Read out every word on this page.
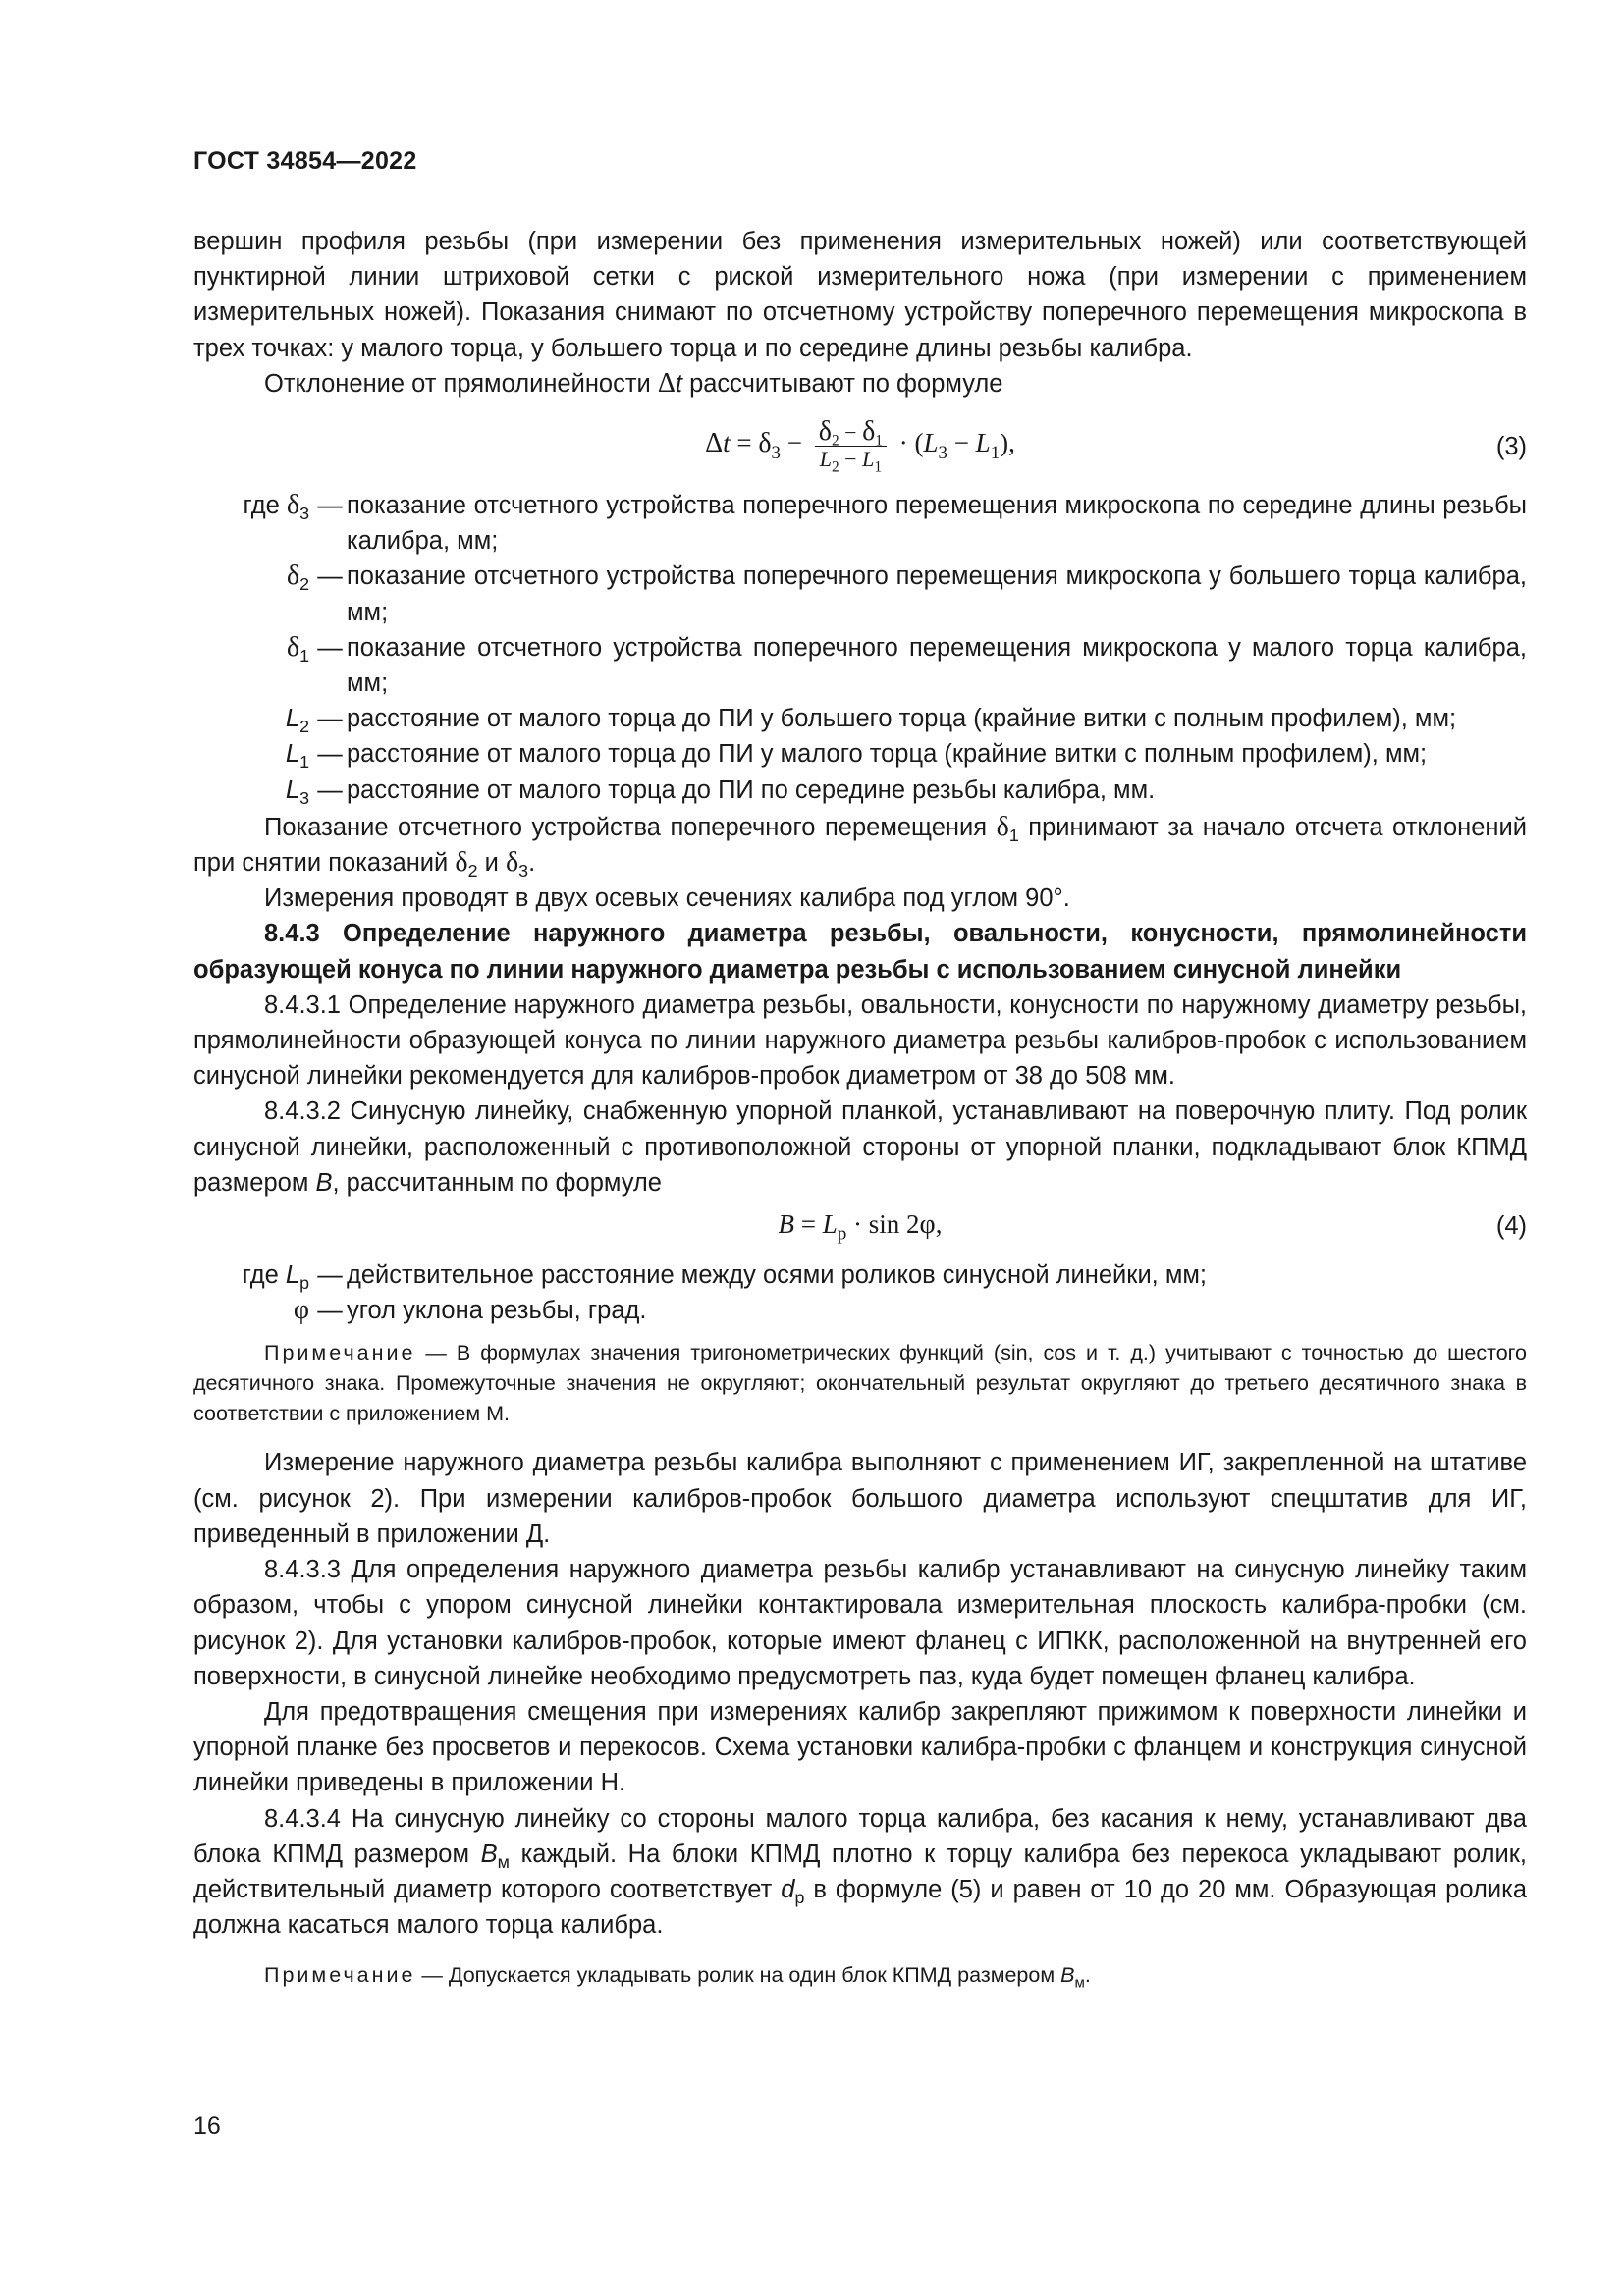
ГОСТ 34854—2022

вершин профиля резьбы (при измерении без применения измерительных ножей) или соответствующей пунктирной линии штриховой сетки с риской измерительного ножа (при измерении с применением измерительных ножей). Показания снимают по отсчетному устройству поперечного перемещения микроскопа в трех точках: у малого торца, у большего торца и по середине длины резьбы калибра.

Отклонение от прямолинейности Δt рассчитывают по формуле

$\Delta t = \delta_3 - \frac{\delta_2 - \delta_1}{L_2 - L_1} \cdot (L_3 - L_1)$,	(3)
где $\delta_3$	—	показание отсчетного устройства поперечного перемещения микроскопа по середине длины резьбы калибра, мм;
$\delta_2$	—	показание отсчетного устройства поперечного перемещения микроскопа у большего торца калибра, мм;
$\delta_1$	—	показание отсчетного устройства поперечного перемещения микроскопа у малого торца калибра, мм;
$L_2$	—	расстояние от малого торца до ПИ у большего торца (крайние витки с полным профилем), мм;
$L_1$	—	расстояние от малого торца до ПИ у малого торца (крайние витки с полным профилем), мм;
$L_3$	—	расстояние от малого торца до ПИ по середине резьбы калибра, мм.

Показание отсчетного устройства поперечного перемещения $\delta_1$ принимают за начало отсчета отклонений при снятии показаний $\delta_2$ и $\delta_3$.

Измерения проводят в двух осевых сечениях калибра под углом 90°.

8.4.3 Определение наружного диаметра резьбы, овальности, конусности, прямолинейности образующей конуса по линии наружного диаметра резьбы с использованием синусной линейки

8.4.3.1 Определение наружного диаметра резьбы, овальности, конусности по наружному диаметру резьбы, прямолинейности образующей конуса по линии наружного диаметра резьбы калибров-пробок с использованием синусной линейки рекомендуется для калибров-пробок диаметром от 38 до 508 мм.

8.4.3.2 Синусную линейку, снабженную упорной планкой, устанавливают на поверочную плиту. Под ролик синусной линейки, расположенный с противоположной стороны от упорной планки, подкладывают блок КПМД размером B, рассчитанным по формуле

$B = L_р \cdot \sin 2\varphi$,	(4)
где $L_р$	—	действительное расстояние между осями роликов синусной линейки, мм;
φ	—	угол уклона резьбы, град.

Примечание — В формулах значения тригонометрических функций (sin, cos и т. д.) учитывают с точностью до шестого десятичного знака. Промежуточные значения не округляют; окончательный результат округляют до третьего десятичного знака в соответствии с приложением М.

Измерение наружного диаметра резьбы калибра выполняют с применением ИГ, закрепленной на штативе (см. рисунок 2). При измерении калибров-пробок большого диаметра используют спецштатив для ИГ, приведенный в приложении Д.

8.4.3.3 Для определения наружного диаметра резьбы калибр устанавливают на синусную линейку таким образом, чтобы с упором синусной линейки контактировала измерительная плоскость калибра-пробки (см. рисунок 2). Для установки калибров-пробок, которые имеют фланец с ИПКК, расположенной на внутренней его поверхности, в синусной линейке необходимо предусмотреть паз, куда будет помещен фланец калибра.

Для предотвращения смещения при измерениях калибр закрепляют прижимом к поверхности линейки и упорной планке без просветов и перекосов. Схема установки калибра-пробки с фланцем и конструкция синусной линейки приведены в приложении Н.

8.4.3.4 На синусную линейку со стороны малого торца калибра, без касания к нему, устанавливают два блока КПМД размером $B_м$ каждый. На блоки КПМД плотно к торцу калибра без перекоса укладывают ролик, действительный диаметр которого соответствует $d_р$ в формуле (5) и равен от 10 до 20 мм. Образующая ролика должна касаться малого торца калибра.

Примечание — Допускается укладывать ролик на один блок КПМД размером $B_м$.

16
